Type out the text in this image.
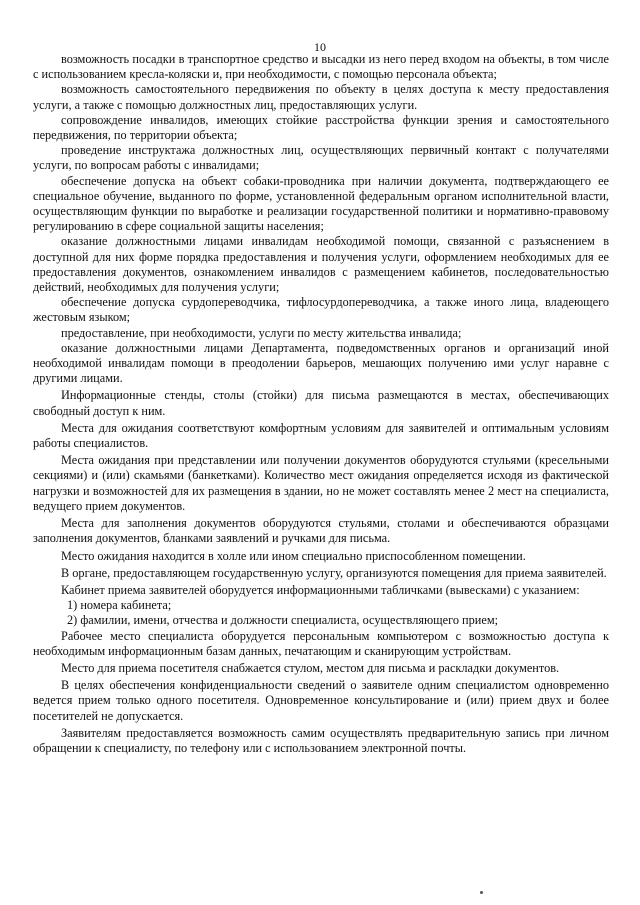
10

возможность посадки в транспортное средство и высадки из него перед входом на объекты, в том числе с использованием кресла-коляски и, при необходимости, с помощью персонала объекта;

возможность самостоятельного передвижения по объекту в целях доступа к месту предоставления услуги, а также с помощью должностных лиц, предоставляющих услуги.

сопровождение инвалидов, имеющих стойкие расстройства функции зрения и самостоятельного передвижения, по территории объекта;

проведение инструктажа должностных лиц, осуществляющих первичный контакт с получателями услуги, по вопросам работы с инвалидами;

обеспечение допуска на объект собаки-проводника при наличии документа, подтверждающего ее специальное обучение, выданного по форме, установленной федеральным органом исполнительной власти, осуществляющим функции по выработке и реализации государственной политики и нормативно-правовому регулированию в сфере социальной защиты населения;

оказание должностными лицами инвалидам необходимой помощи, связанной с разъяснением в доступной для них форме порядка предоставления и получения услуги, оформлением необходимых для ее предоставления документов, ознакомлением инвалидов с размещением кабинетов, последовательностью действий, необходимых для получения услуги;

обеспечение допуска сурдопереводчика, тифлосурдопереводчика, а также иного лица, владеющего жестовым языком;

предоставление, при необходимости, услуги по месту жительства инвалида;

оказание должностными лицами Департамента, подведомственных органов и организаций иной необходимой инвалидам помощи в преодолении барьеров, мешающих получению ими услуг наравне с другими лицами.

Информационные стенды, столы (стойки) для письма размещаются в местах, обеспечивающих свободный доступ к ним.

Места для ожидания соответствуют комфортным условиям для заявителей и оптимальным условиям работы специалистов.

Места ожидания при представлении или получении документов оборудуются стульями (кресельными секциями) и (или) скамьями (банкетками). Количество мест ожидания определяется исходя из фактической нагрузки и возможностей для их размещения в здании, но не может составлять менее 2 мест на специалиста, ведущего прием документов.

Места для заполнения документов оборудуются стульями, столами и обеспечиваются образцами заполнения документов, бланками заявлений и ручками для письма.

Место ожидания находится в холле или ином специально приспособленном помещении.

В органе, предоставляющем государственную услугу, организуются помещения для приема заявителей.

Кабинет приема заявителей оборудуется информационными табличками (вывесками) с указанием:

1) номера кабинета;

2) фамилии, имени, отчества и должности специалиста, осуществляющего прием;

Рабочее место специалиста оборудуется персональным компьютером с возможностью доступа к необходимым информационным базам данных, печатающим и сканирующим устройствам.

Место для приема посетителя снабжается стулом, местом для письма и раскладки документов.

В целях обеспечения конфиденциальности сведений о заявителе одним специалистом одновременно ведется прием только одного посетителя. Одновременное консультирование и (или) прием двух и более посетителей не допускается.

Заявителям предоставляется возможность самим осуществлять предварительную запись при личном обращении к специалисту, по телефону или с использованием электронной почты.
